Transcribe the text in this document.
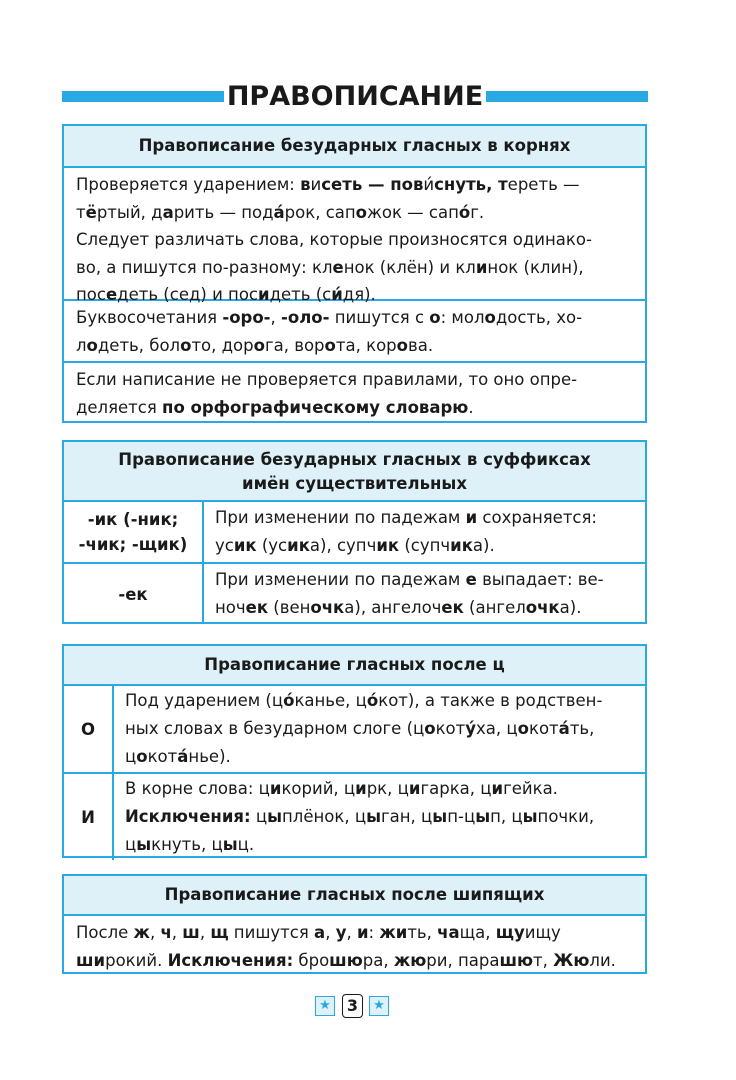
ПРАВОПИСАНИЕ
Правописание безударных гласных в корнях
Проверяется ударением: висеть — пови́снуть, тереть —
тёртый, дарить — пода́рок, сапожок — сапо́г.
Следует различать слова, которые произносятся одинако-
во, а пишутся по-разному: кленок (клён) и клинок (клин),
поседеть (сед) и посидеть (си́дя).
Буквосочетания -оро-, -оло- пишутся с о: молодость, хо-
лодеть, болото, дорога, ворота, корова.
Если написание не проверяется правилами, то оно опре-
деляется по орфографическому словарю.
Правописание безударных гласных в суффиксах
имён существительных
-ик (-ник;
-чик; -щик)
При изменении по падежам и сохраняется:
усик (усика), супчик (супчика).
-ек
При изменении по падежам е выпадает: ве-
ночек (веночка), ангелочек (ангелочка).
Правописание гласных после ц
О
Под ударением (цо́канье, цо́кот), а также в родствен-
ных словах в безударном слоге (цокоту́ха, цокота́ть,
цокота́нье).
И
В корне слова: цикорий, цирк, цигарка, цигейка.
Исключения: цыплёнок, цыган, цып-цып, цыпочки,
цыкнуть, цыц.
Правописание гласных после шипящих
После ж, ч, ш, щ пишутся а, у, и: жить, чаща, щуищу
широкий. Исключения: брошюра, жюри, парашют, Жюли.
★	3	★
